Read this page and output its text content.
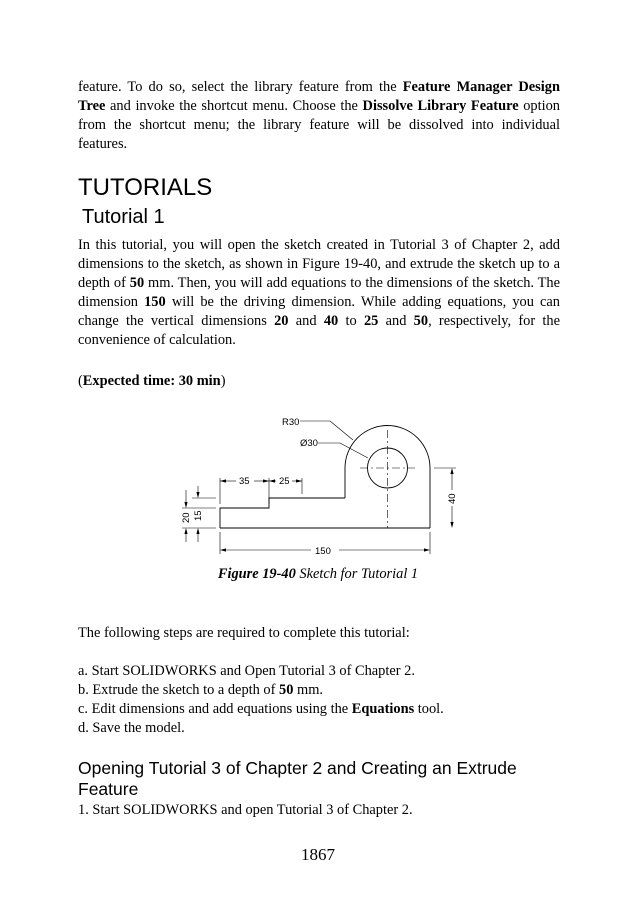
feature. To do so, select the library feature from the Feature Manager Design Tree and invoke the shortcut menu. Choose the Dissolve Library Feature option from the shortcut menu; the library feature will be dissolved into individual features.

TUTORIALS
Tutorial 1

In this tutorial, you will open the sketch created in Tutorial 3 of Chapter 2, add dimensions to the sketch, as shown in Figure 19-40, and extrude the sketch up to a depth of 50 mm. Then, you will add equations to the dimensions of the sketch. The dimension 150 will be the driving dimension. While adding equations, you can change the vertical dimensions 20 and 40 to 25 and 50, respectively, for the convenience of calculation.

(Expected time: 30 min)
R30
Ø30
35	25
150
20 15
40
Figure 19-40 Sketch for Tutorial 1
The following steps are required to complete this tutorial:
a. Start SOLIDWORKS and Open Tutorial 3 of Chapter 2.
b. Extrude the sketch to a depth of 50 mm.
c. Edit dimensions and add equations using the Equations tool.
d. Save the model.
Opening Tutorial 3 of Chapter 2 and Creating an Extrude Feature
1. Start SOLIDWORKS and open Tutorial 3 of Chapter 2.
1867
